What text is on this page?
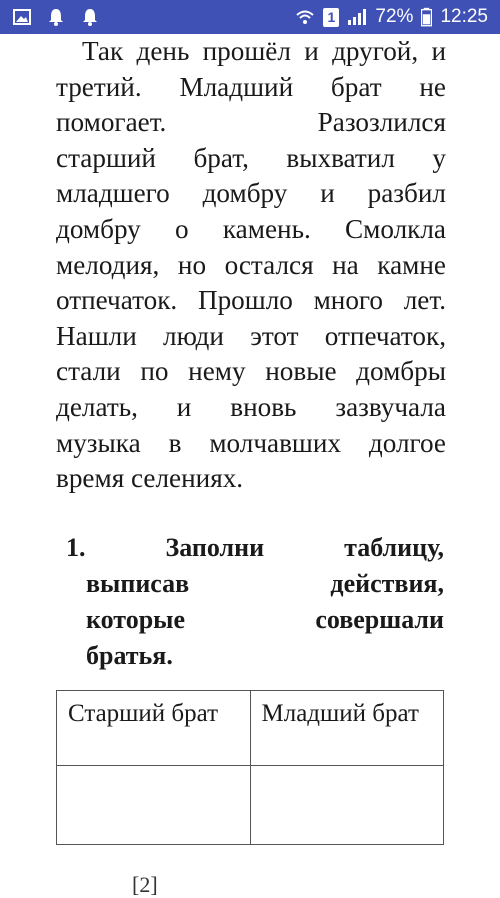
1 72% 12:25
Так день прошёл и другой, и
третий. Младший брат не
помогает. Разозлился
старший брат, выхватил у
младшего домбру и разбил
домбру о камень. Смолкла
мелодия, но остался на камне
отпечаток. Прошло много лет.
Нашли люди этот отпечаток,
стали по нему новые домбры
делать, и вновь зазвучала
музыка в молчавших долгое
время селениях.
1. Заполни таблицу,
выписав действия,
которые совершали
братья.
Старший брат	Младший брат

[2]
